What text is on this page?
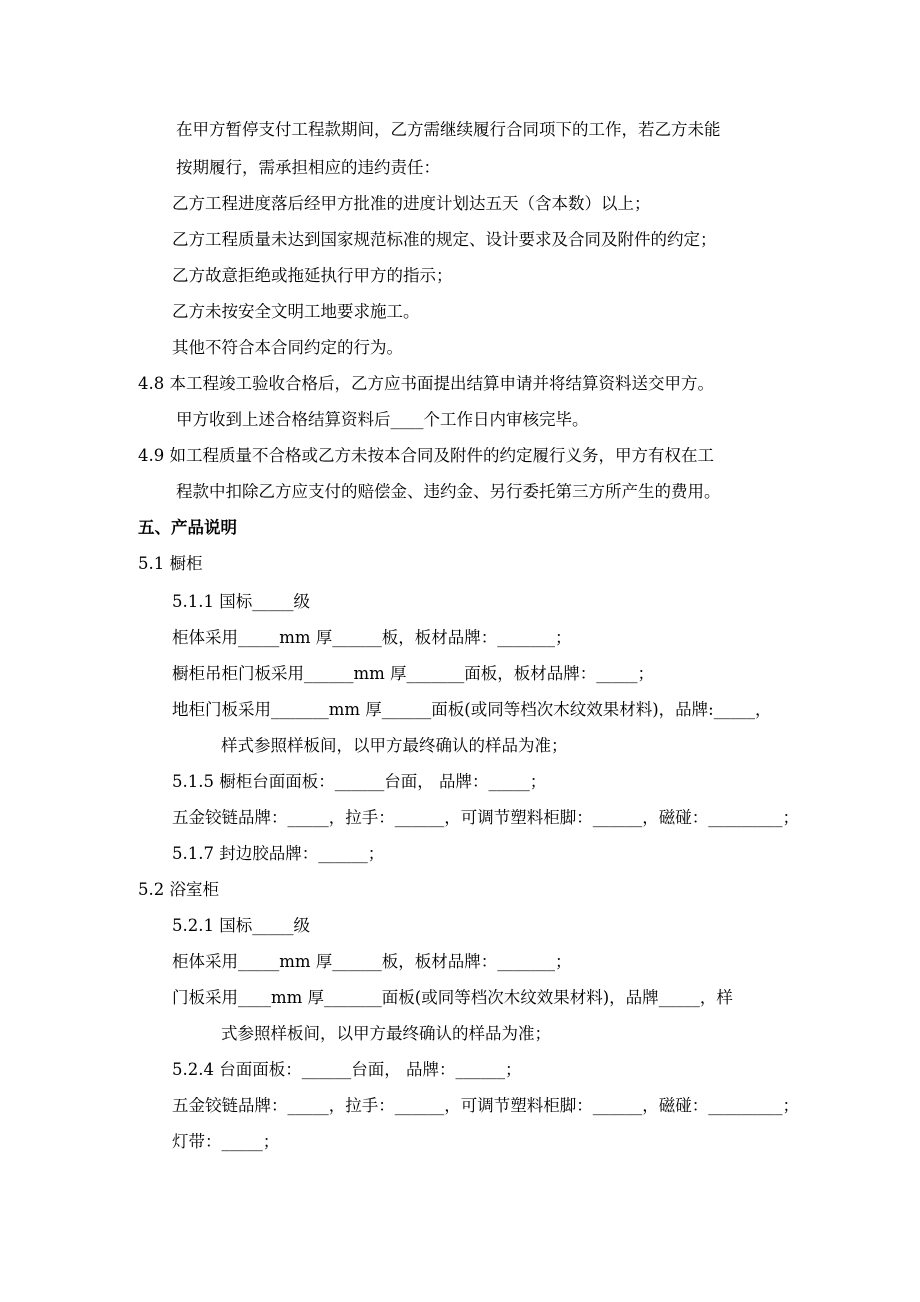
在甲方暂停支付工程款期间，乙方需继续履行合同项下的工作，若乙方未能
按期履行，需承担相应的违约责任：
乙方工程进度落后经甲方批准的进度计划达五天（含本数）以上；
乙方工程质量未达到国家规范标准的规定、设计要求及合同及附件的约定；
乙方故意拒绝或拖延执行甲方的指示；
乙方未按安全文明工地要求施工。
其他不符合本合同约定的行为。
4.8 本工程竣工验收合格后，乙方应书面提出结算申请并将结算资料送交甲方。
甲方收到上述合格结算资料后____个工作日内审核完毕。
4.9 如工程质量不合格或乙方未按本合同及附件的约定履行义务，甲方有权在工
程款中扣除乙方应支付的赔偿金、违约金、另行委托第三方所产生的费用。
五、产品说明
5.1 橱柜
5.1.1 国标_____级
柜体采用_____mm 厚______板，板材品牌：_______；
橱柜吊柜门板采用______mm 厚_______面板，板材品牌：_____；
地柜门板采用_______mm 厚______面板(或同等档次木纹效果材料)，品牌:_____，
样式参照样板间，以甲方最终确认的样品为准；
5.1.5 橱柜台面面板：______台面， 品牌：_____；
五金铰链品牌：_____，拉手：______，可调节塑料柜脚：______，磁碰：_________；
5.1.7 封边胶品牌：______；
5.2 浴室柜
5.2.1 国标_____级
柜体采用_____mm 厚______板，板材品牌：_______；
门板采用____mm 厚_______面板(或同等档次木纹效果材料)，品牌_____，样
式参照样板间，以甲方最终确认的样品为准；
5.2.4 台面面板：______台面， 品牌：______；
五金铰链品牌：_____，拉手：______，可调节塑料柜脚：______，磁碰：_________；
灯带：_____；
